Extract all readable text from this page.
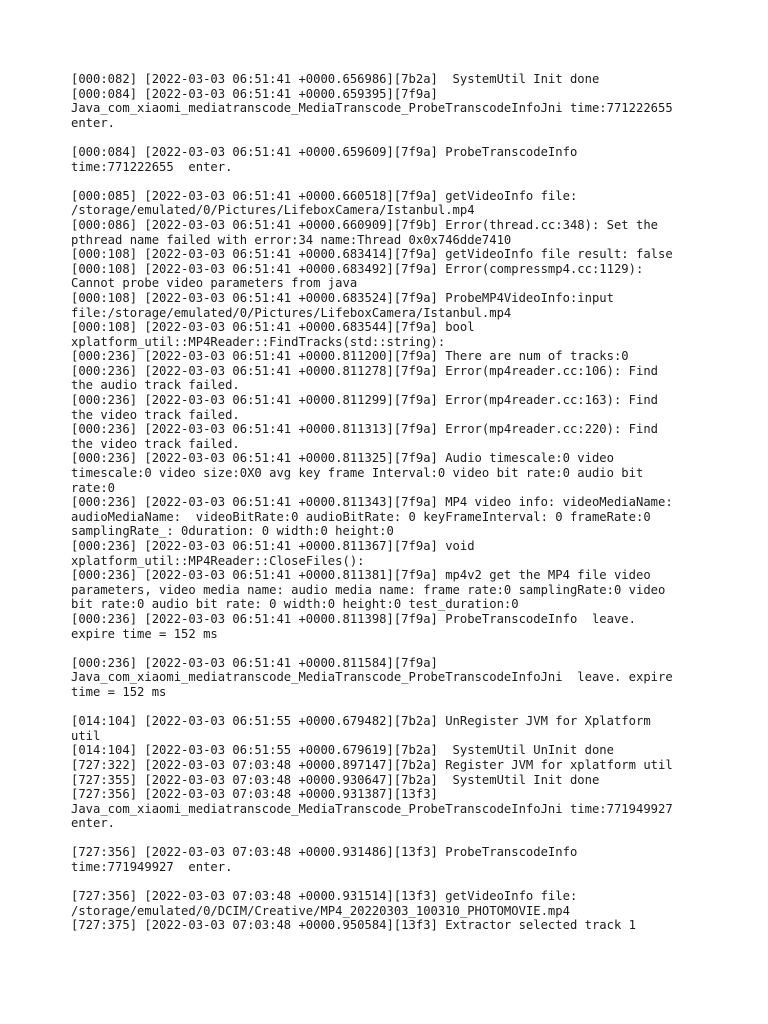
[000:082] [2022-03-03 06:51:41 +0000.656986][7b2a]  SystemUtil Init done
[000:084] [2022-03-03 06:51:41 +0000.659395][7f9a]
Java_com_xiaomi_mediatranscode_MediaTranscode_ProbeTranscodeInfoJni time:771222655
enter.
[000:084] [2022-03-03 06:51:41 +0000.659609][7f9a] ProbeTranscodeInfo
time:771222655  enter.
[000:085] [2022-03-03 06:51:41 +0000.660518][7f9a] getVideoInfo file:
/storage/emulated/0/Pictures/LifeboxCamera/Istanbul.mp4
[000:086] [2022-03-03 06:51:41 +0000.660909][7f9b] Error(thread.cc:348): Set the
pthread name failed with error:34 name:Thread 0x0x746dde7410
[000:108] [2022-03-03 06:51:41 +0000.683414][7f9a] getVideoInfo file result: false
[000:108] [2022-03-03 06:51:41 +0000.683492][7f9a] Error(compressmp4.cc:1129):
Cannot probe video parameters from java
[000:108] [2022-03-03 06:51:41 +0000.683524][7f9a] ProbeMP4VideoInfo:input
file:/storage/emulated/0/Pictures/LifeboxCamera/Istanbul.mp4
[000:108] [2022-03-03 06:51:41 +0000.683544][7f9a] bool
xplatform_util::MP4Reader::FindTracks(std::string):
[000:236] [2022-03-03 06:51:41 +0000.811200][7f9a] There are num of tracks:0
[000:236] [2022-03-03 06:51:41 +0000.811278][7f9a] Error(mp4reader.cc:106): Find
the audio track failed.
[000:236] [2022-03-03 06:51:41 +0000.811299][7f9a] Error(mp4reader.cc:163): Find
the video track failed.
[000:236] [2022-03-03 06:51:41 +0000.811313][7f9a] Error(mp4reader.cc:220): Find
the video track failed.
[000:236] [2022-03-03 06:51:41 +0000.811325][7f9a] Audio timescale:0 video
timescale:0 video size:0X0 avg key frame Interval:0 video bit rate:0 audio bit
rate:0
[000:236] [2022-03-03 06:51:41 +0000.811343][7f9a] MP4 video info: videoMediaName:
audioMediaName:  videoBitRate:0 audioBitRate: 0 keyFrameInterval: 0 frameRate:0
samplingRate_: 0duration: 0 width:0 height:0
[000:236] [2022-03-03 06:51:41 +0000.811367][7f9a] void
xplatform_util::MP4Reader::CloseFiles():
[000:236] [2022-03-03 06:51:41 +0000.811381][7f9a] mp4v2 get the MP4 file video
parameters, video media name: audio media name: frame rate:0 samplingRate:0 video
bit rate:0 audio bit rate: 0 width:0 height:0 test_duration:0
[000:236] [2022-03-03 06:51:41 +0000.811398][7f9a] ProbeTranscodeInfo  leave.
expire time = 152 ms
[000:236] [2022-03-03 06:51:41 +0000.811584][7f9a]
Java_com_xiaomi_mediatranscode_MediaTranscode_ProbeTranscodeInfoJni  leave. expire
time = 152 ms
[014:104] [2022-03-03 06:51:55 +0000.679482][7b2a] UnRegister JVM for Xplatform
util
[014:104] [2022-03-03 06:51:55 +0000.679619][7b2a]  SystemUtil UnInit done
[727:322] [2022-03-03 07:03:48 +0000.897147][7b2a] Register JVM for xplatform util
[727:355] [2022-03-03 07:03:48 +0000.930647][7b2a]  SystemUtil Init done
[727:356] [2022-03-03 07:03:48 +0000.931387][13f3]
Java_com_xiaomi_mediatranscode_MediaTranscode_ProbeTranscodeInfoJni time:771949927
enter.
[727:356] [2022-03-03 07:03:48 +0000.931486][13f3] ProbeTranscodeInfo
time:771949927  enter.
[727:356] [2022-03-03 07:03:48 +0000.931514][13f3] getVideoInfo file:
/storage/emulated/0/DCIM/Creative/MP4_20220303_100310_PHOTOMOVIE.mp4
[727:375] [2022-03-03 07:03:48 +0000.950584][13f3] Extractor selected track 1
